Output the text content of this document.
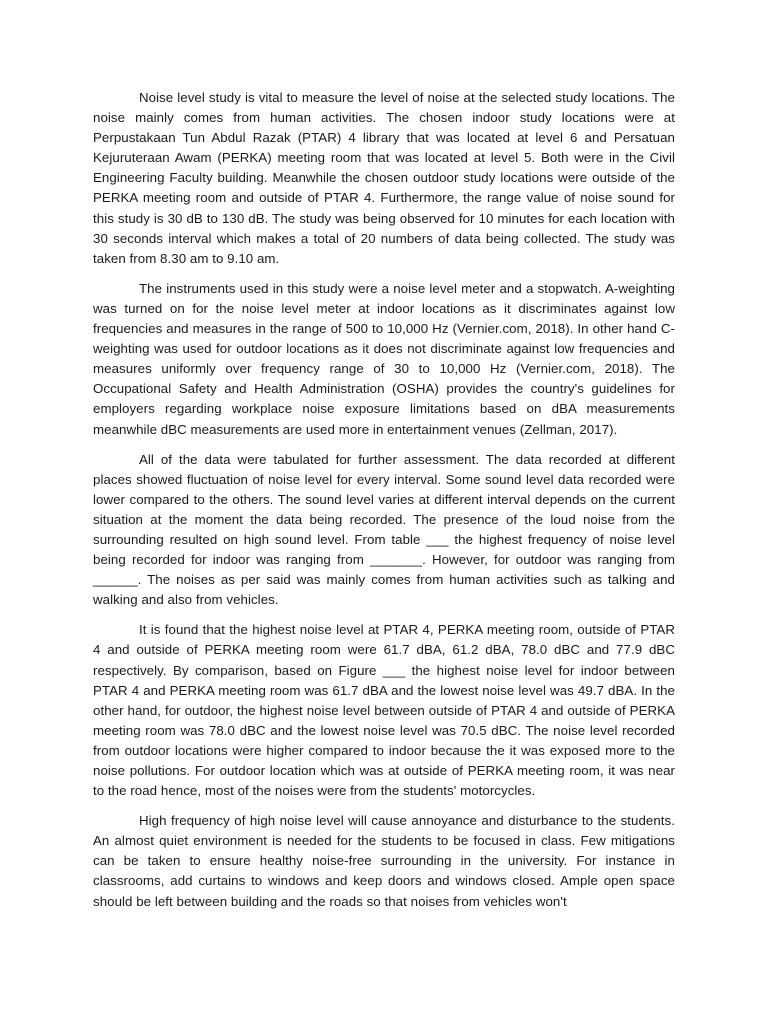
Noise level study is vital to measure the level of noise at the selected study locations. The noise mainly comes from human activities. The chosen indoor study locations were at Perpustakaan Tun Abdul Razak (PTAR) 4 library that was located at level 6 and Persatuan Kejuruteraan Awam (PERKA) meeting room that was located at level 5. Both were in the Civil Engineering Faculty building. Meanwhile the chosen outdoor study locations were outside of the PERKA meeting room and outside of PTAR 4. Furthermore, the range value of noise sound for this study is 30 dB to 130 dB. The study was being observed for 10 minutes for each location with 30 seconds interval which makes a total of 20 numbers of data being collected. The study was taken from 8.30 am to 9.10 am.

The instruments used in this study were a noise level meter and a stopwatch. A-weighting was turned on for the noise level meter at indoor locations as it discriminates against low frequencies and measures in the range of 500 to 10,000 Hz (Vernier.com, 2018). In other hand C-weighting was used for outdoor locations as it does not discriminate against low frequencies and measures uniformly over frequency range of 30 to 10,000 Hz (Vernier.com, 2018). The Occupational Safety and Health Administration (OSHA) provides the country's guidelines for employers regarding workplace noise exposure limitations based on dBA measurements meanwhile dBC measurements are used more in entertainment venues (Zellman, 2017).

All of the data were tabulated for further assessment. The data recorded at different places showed fluctuation of noise level for every interval. Some sound level data recorded were lower compared to the others. The sound level varies at different interval depends on the current situation at the moment the data being recorded. The presence of the loud noise from the surrounding resulted on high sound level. From table ___ the highest frequency of noise level being recorded for indoor was ranging from _______. However, for outdoor was ranging from ______. The noises as per said was mainly comes from human activities such as talking and walking and also from vehicles.

It is found that the highest noise level at PTAR 4, PERKA meeting room, outside of PTAR 4 and outside of PERKA meeting room were 61.7 dBA, 61.2 dBA, 78.0 dBC and 77.9 dBC respectively. By comparison, based on Figure ___ the highest noise level for indoor between PTAR 4 and PERKA meeting room was 61.7 dBA and the lowest noise level was 49.7 dBA. In the other hand, for outdoor, the highest noise level between outside of PTAR 4 and outside of PERKA meeting room was 78.0 dBC and the lowest noise level was 70.5 dBC. The noise level recorded from outdoor locations were higher compared to indoor because the it was exposed more to the noise pollutions. For outdoor location which was at outside of PERKA meeting room, it was near to the road hence, most of the noises were from the students' motorcycles.

High frequency of high noise level will cause annoyance and disturbance to the students. An almost quiet environment is needed for the students to be focused in class. Few mitigations can be taken to ensure healthy noise-free surrounding in the university. For instance in classrooms, add curtains to windows and keep doors and windows closed. Ample open space should be left between building and the roads so that noises from vehicles won't
